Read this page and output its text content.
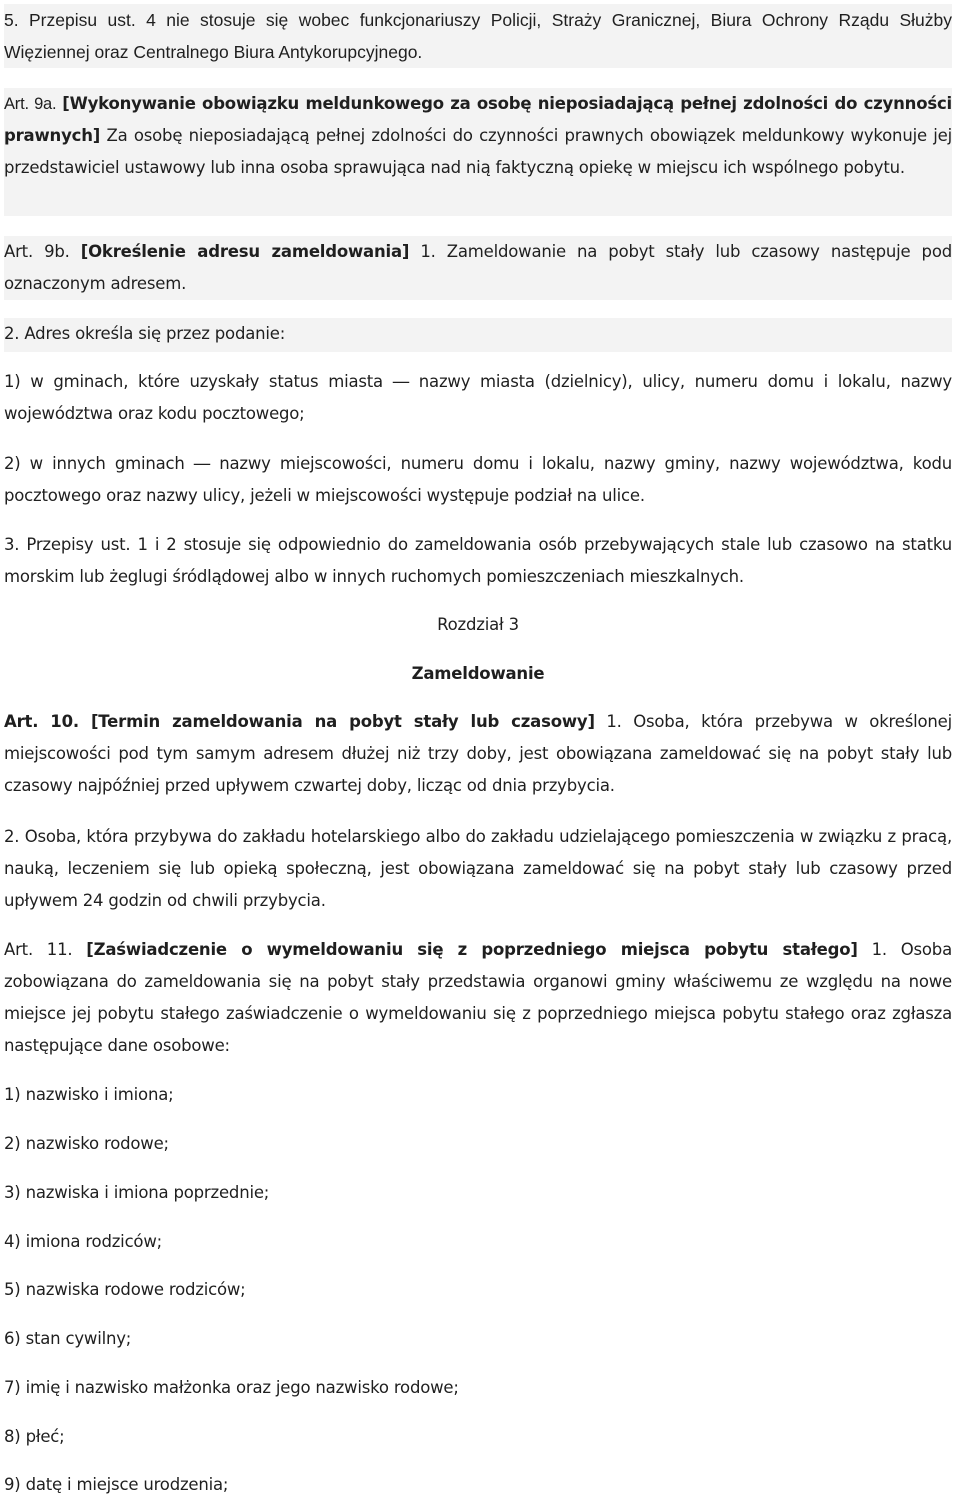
5. Przepisu ust. 4 nie stosuje się wobec funkcjonariuszy Policji, Straży Granicznej, Biura Ochrony Rządu Służby Więziennej oraz Centralnego Biura Antykorupcyjnego.
Art. 9a. [Wykonywanie obowiązku meldunkowego za osobę nieposiadającą pełnej zdolności do czynności prawnych] Za osobę nieposiadającą pełnej zdolności do czynności prawnych obowiązek meldunkowy wykonuje jej przedstawiciel ustawowy lub inna osoba sprawująca nad nią faktyczną opiekę w miejscu ich wspólnego pobytu.
Art. 9b. [Określenie adresu zameldowania] 1. Zameldowanie na pobyt stały lub czasowy następuje pod oznaczonym adresem.
2. Adres określa się przez podanie:
1) w gminach, które uzyskały status miasta ― nazwy miasta (dzielnicy), ulicy, numeru domu i lokalu, nazwy województwa oraz kodu pocztowego;
2) w innych gminach ― nazwy miejscowości, numeru domu i lokalu, nazwy gminy, nazwy województwa, kodu pocztowego oraz nazwy ulicy, jeżeli w miejscowości występuje podział na ulice.
3. Przepisy ust. 1 i 2 stosuje się odpowiednio do zameldowania osób przebywających stale lub czasowo na statku morskim lub żeglugi śródlądowej albo w innych ruchomych pomieszczeniach mieszkalnych.
Rozdział 3
Zameldowanie
Art. 10. [Termin zameldowania na pobyt stały lub czasowy] 1. Osoba, która przebywa w określonej miejscowości pod tym samym adresem dłużej niż trzy doby, jest obowiązana zameldować się na pobyt stały lub czasowy najpóźniej przed upływem czwartej doby, licząc od dnia przybycia.
2. Osoba, która przybywa do zakładu hotelarskiego albo do zakładu udzielającego pomieszczenia w związku z pracą, nauką, leczeniem się lub opieką społeczną, jest obowiązana zameldować się na pobyt stały lub czasowy przed upływem 24 godzin od chwili przybycia.
Art. 11. [Zaświadczenie o wymeldowaniu się z poprzedniego miejsca pobytu stałego] 1. Osoba zobowiązana do zameldowania się na pobyt stały przedstawia organowi gminy właściwemu ze względu na nowe miejsce jej pobytu stałego zaświadczenie o wymeldowaniu się z poprzedniego miejsca pobytu stałego oraz zgłasza następujące dane osobowe:
1) nazwisko i imiona;
2) nazwisko rodowe;
3) nazwiska i imiona poprzednie;
4) imiona rodziców;
5) nazwiska rodowe rodziców;
6) stan cywilny;
7) imię i nazwisko małżonka oraz jego nazwisko rodowe;
8) płeć;
9) datę i miejsce urodzenia;
